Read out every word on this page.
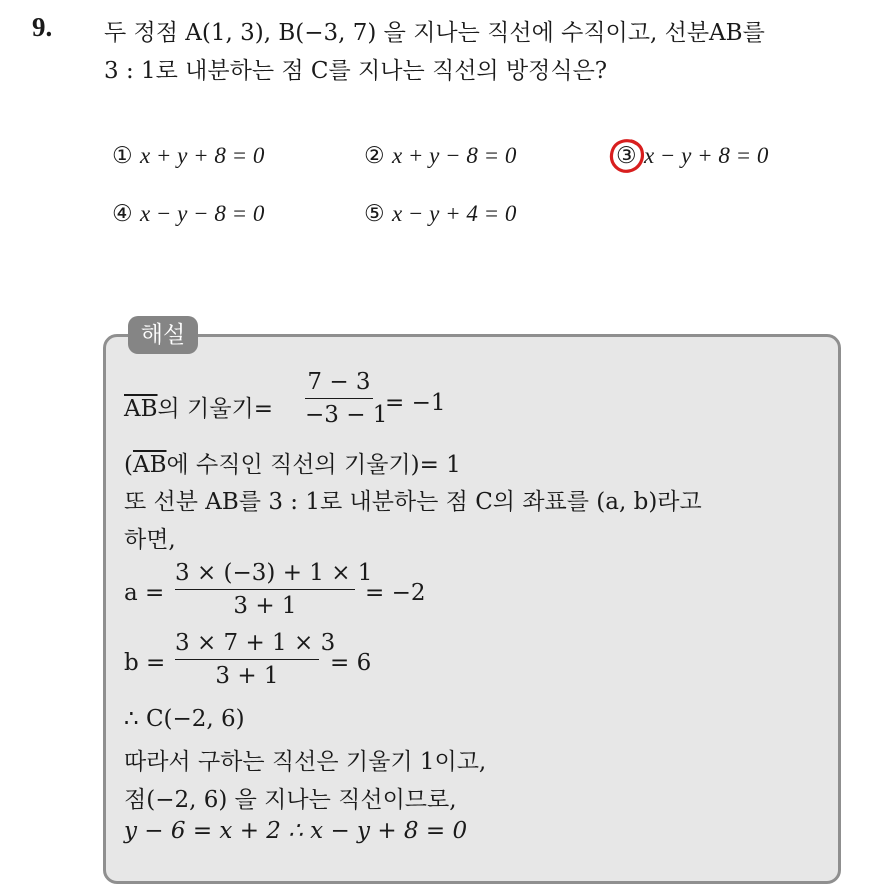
9. 두 정점 A(1, 3), B(−3, 7) 을 지나는 직선에 수직이고, 선분AB를
3 : 1로 내분하는 점 C를 지나는 직선의 방정식은?
① x + y + 8 = 0	② x + y − 8 = 0	③ x − y + 8 = 0
④ x − y − 8 = 0	⑤ x − y + 4 = 0
해설
$\overline{AB}$의 기울기=
7 − 3
−3 − 1
= −1
($\overline{AB}$에 수직인 직선의 기울기)= 1
또 선분 AB를 3 : 1로 내분하는 점 C의 좌표를 (a, b)라고
하면,
a =
3 × (−3) + 1 × 1
3 + 1	= −2
b =
3 × 7 + 1 × 3
3 + 1	= 6
∴ C(−2, 6)
따라서 구하는 직선은 기울기 1이고,
점(−2, 6) 을 지나는 직선이므로,
y − 6 = x + 2 ∴ x − y + 8 = 0
